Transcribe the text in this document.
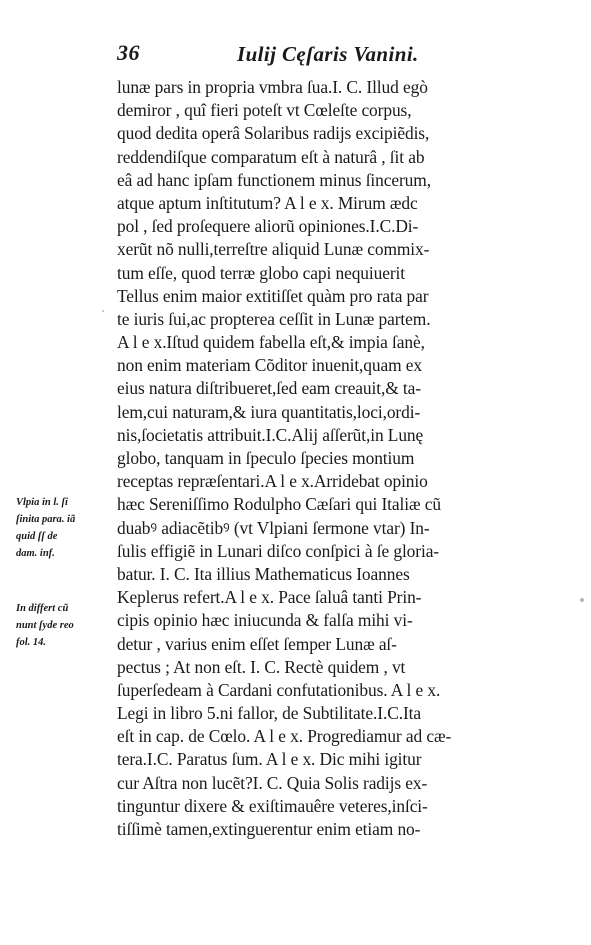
36	Iulij Cęſaris Vanini.
lunæ pars in propria vmbra ſua.I. C. Illud egò
demiror , quî fieri poteſt vt Cœleſte corpus,
quod dedita operâ Solaribus radijs excipiẽdis,
reddendiſque comparatum eſt à naturâ , ſit ab
eâ ad hanc ipſam functionem minus ſincerum,
atque aptum inſtitutum? A l e x. Mirum ædc
pol , ſed proſequere aliorũ opiniones.I.C.Di-
xerũt nõ nulli,terreſtre aliquid Lunæ commix-
tum eſſe, quod terræ globo capi nequiuerit
Tellus enim maior extitiſſet quàm pro rata par
te iuris ſui,ac propterea ceſſit in Lunæ partem.
A l e x.Iſtud quidem fabella eſt,& impia ſanè,
non enim materiam Cõditor inuenit,quam ex
eius natura diſtribueret,ſed eam creauit,& ta-
lem,cui naturam,& iura quantitatis,loci,ordi-
nis,ſocietatis attribuit.I.C.Alij aſſerũt,in Lunę
globo, tanquam in ſpeculo ſpecies montium
receptas repræſentari.A l e x.Arridebat opinio
hæc Sereniſſimo Rodulpho Cæſari qui Italiæ cũ
duabꝰ adiacẽtibꝰ (vt Vlpiani ſermone vtar) In-
ſulis effigiẽ in Lunari diſco conſpici à ſe gloria-
batur. I. C. Ita illius Mathematicus Ioannes
Keplerus refert.A l e x. Pace ſaluâ tanti Prin-
cipis opinio hæc iniucunda & falſa mihi vi-
detur , varius enim eſſet ſemper Lunæ aſ-
pectus ; At non eſt. I. C. Rectè quidem , vt
ſuperſedeam à Cardani confutationibus. A l e x.
Legi in libro 5.ni fallor, de Subtilitate.I.C.Ita
eſt in cap. de Cœlo. A l e x. Progrediamur ad cæ-
tera.I.C. Paratus ſum. A l e x. Dic mihi igitur
cur Aſtra non lucẽt?I. C. Quia Solis radijs ex-
tinguntur dixere & exiſtimauêre veteres,inſci-
tiſſimè tamen,extinguerentur enim etiam no-
Vlpia in l. ſi
ſinita para. iã
quid ſſ de
dam. inf.
In differt cũ
nunt ſyde reo
fol. 14.
